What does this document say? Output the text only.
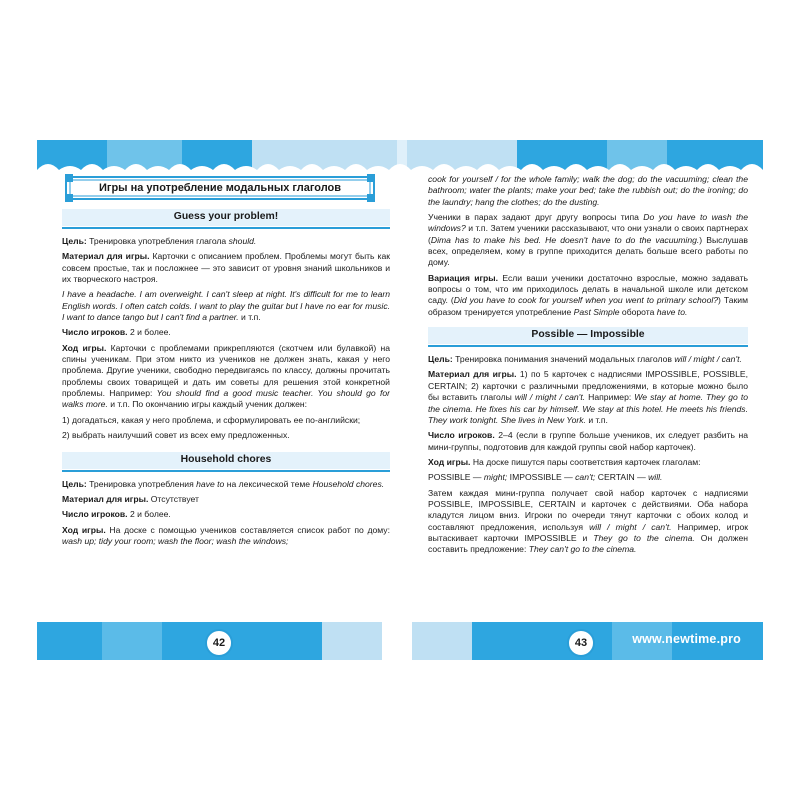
Игры на употребление модальных глаголов
Guess your problem!

Цель: Тренировка употребления глагола should.

Материал для игры. Карточки с описанием проблем. Проблемы могут быть как совсем простые, так и посложнее — это зависит от уровня знаний школьников и их творческого настроя.

I have a headache. I am overweight. I can't sleep at night. It's difficult for me to learn English words. I often catch colds. I want to play the guitar but I have no ear for music. I want to dance tango but I can't find a partner. и т.п.

Число игроков. 2 и более.

Ход игры. Карточки с проблемами прикрепляются (скотчем или булавкой) на спины ученикам. При этом никто из учеников не должен знать, какая у него проблема. Другие ученики, свободно передвигаясь по классу, должны прочитать проблемы своих товарищей и дать им советы для решения этой конкретной проблемы. Например: You should find a good music teacher. You should go for walks more. и т.п. По окончанию игры каждый ученик должен:

1) догадаться, какая у него проблема, и сформулировать ее по-английски;

2) выбрать наилучший совет из всех ему предложенных.

Household chores

Цель: Тренировка употребления have to на лексической теме Household chores.

Материал для игры. Отсутствует

Число игроков. 2 и более.

Ход игры. На доске с помощью учеников составляется список работ по дому: wash up; tidy your room; wash the floor; wash the windows;

cook for yourself / for the whole family; walk the dog; do the vacuuming; clean the bathroom; water the plants; make your bed; take the rubbish out; do the ironing; do the laundry; hang the clothes; do the dusting.

Ученики в парах задают друг другу вопросы типа Do you have to wash the windows? и т.п. Затем ученики рассказывают, что они узнали о своих партнерах (Dima has to make his bed. He doesn't have to do the vacuuming.) Выслушав всех, определяем, кому в группе приходится делать больше всего работы по дому.

Вариация игры. Если ваши ученики достаточно взрослые, можно задавать вопросы о том, что им приходилось делать в начальной школе или детском саду. (Did you have to cook for yourself when you went to primary school?) Таким образом тренируется употребление Past Simple оборота have to.

Possible — Impossible

Цель: Тренировка понимания значений модальных глаголов will / might / can't.

Материал для игры. 1) по 5 карточек с надписями IMPOSSIBLE, POSSIBLE, CERTAIN; 2) карточки с различными предложениями, в которые можно было бы вставить глаголы will / might / can't. Например: We stay at home. They go to the cinema. He fixes his car by himself. We stay at this hotel. He meets his friends. They work tonight. She lives in New York. и т.п.

Число игроков. 2–4 (если в группе больше учеников, их следует разбить на мини-группы, подготовив для каждой группы свой набор карточек).

Ход игры. На доске пишутся пары соответствия карточек глаголам:

POSSIBLE — might; IMPOSSIBLE — can't; CERTAIN — will.

Затем каждая мини-группа получает свой набор карточек с надписями POSSIBLE, IMPOSSIBLE, CERTAIN и карточек с действиями. Оба набора кладутся лицом вниз. Игроки по очереди тянут карточки с обоих колод и составляют предложения, используя will / might / can't. Например, игрок вытаскивает карточки IMPOSSIBLE и They go to the cinema. Он должен составить предложение: They can't go to the cinema.

42	43	www.newtime.pro
